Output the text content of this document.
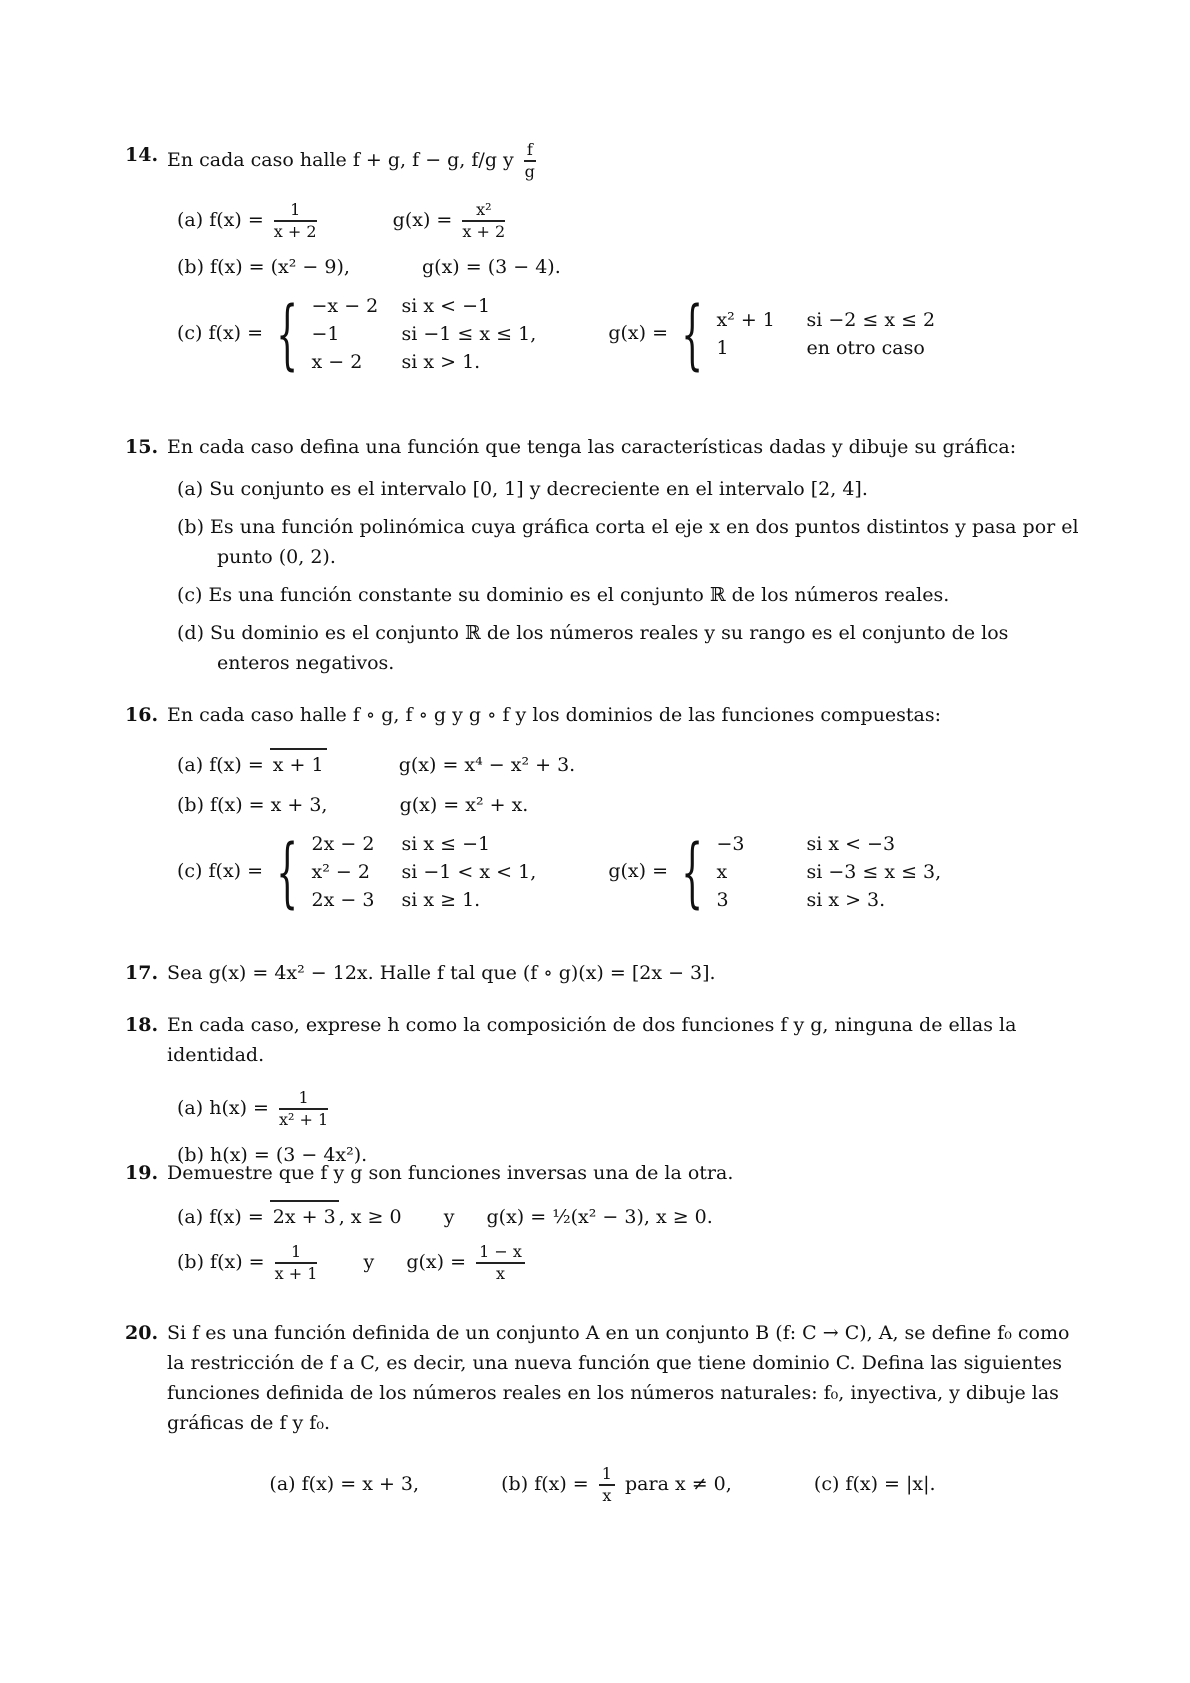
14. En cada caso halle f + g, f − g, f/g y $\frac{f}{g}$
(a) $f(x) = \frac{1}{x + 2}$	$g(x) = \frac{\text{x²}}{x + 2}$
(b) f(x) = (x² − 9),	g(x) = (3 − 4).
(c) f(x) = { −x − 2 si x < −1
−1	si −1 ≤ x ≤ 1,
x − 2 si x > 1.
g(x) = { x² + 1 si −2 ≤ x ≤ 2
1	en otro caso
15. En cada caso defina una función que tenga las características dadas y dibuje su gráfica:
(a) Su conjunto es el intervalo [0, 1] y decreciente en el intervalo [2, 4].
(b) Es una función polinómica cuya gráfica corta el eje x en dos puntos distintos y pasa por el punto (0, 2).
(c) Es una función constante su dominio es el conjunto ℝ de los números reales.
(d) Su dominio es el conjunto ℝ de los números reales y su rango es el conjunto de los enteros negativos.
16. En cada caso halle f ∘ g, f ∘ g y g ∘ f y los dominios de las funciones compuestas:
(a) f(x) = x + 1	g(x) = x⁴ − x² + 3.
(b) f(x) = x + 3,	g(x) = x² + x.
(c) f(x) = { 2x − 2 si x ≤ −1
x² − 2 si −1 < x < 1,
2x − 3 si x ≥ 1.
g(x) = { −3	si x < −3
x	si −3 ≤ x ≤ 3,
3	si x > 3.
17. Sea g(x) = 4x² − 12x. Halle f tal que (f ∘ g)(x) = [2x − 3].
18. En cada caso, exprese h como la composición de dos funciones f y g, ninguna de ellas la identidad.
(a) $h(x) = \frac{1}{\text{x² + 1}}$
(b) h(x) = (3 − 4x²).
19. Demuestre que f y g son funciones inversas una de la otra.
(a) f(x) = 2x + 3 , x ≥ 0 y g(x) = ½(x² − 3), x ≥ 0.
(b) $f(x) = \frac{1}{x + 1}$ y $g(x) = \frac{1 - x}{x}$
20. Si f es una función definida de un conjunto A en un conjunto B (f: C → C), A, se define f₀ como la restricción de f a C, es decir, una nueva función que tiene dominio C. Defina las siguientes funciones definida de los números reales en los números naturales: f₀, inyectiva, y dibuje las gráficas de f y f₀.
(a) f(x) = x + 3,	(b) $f(x) = \frac{1}{x}$ para x ≠ 0,	(c) f(x) = |x|.
